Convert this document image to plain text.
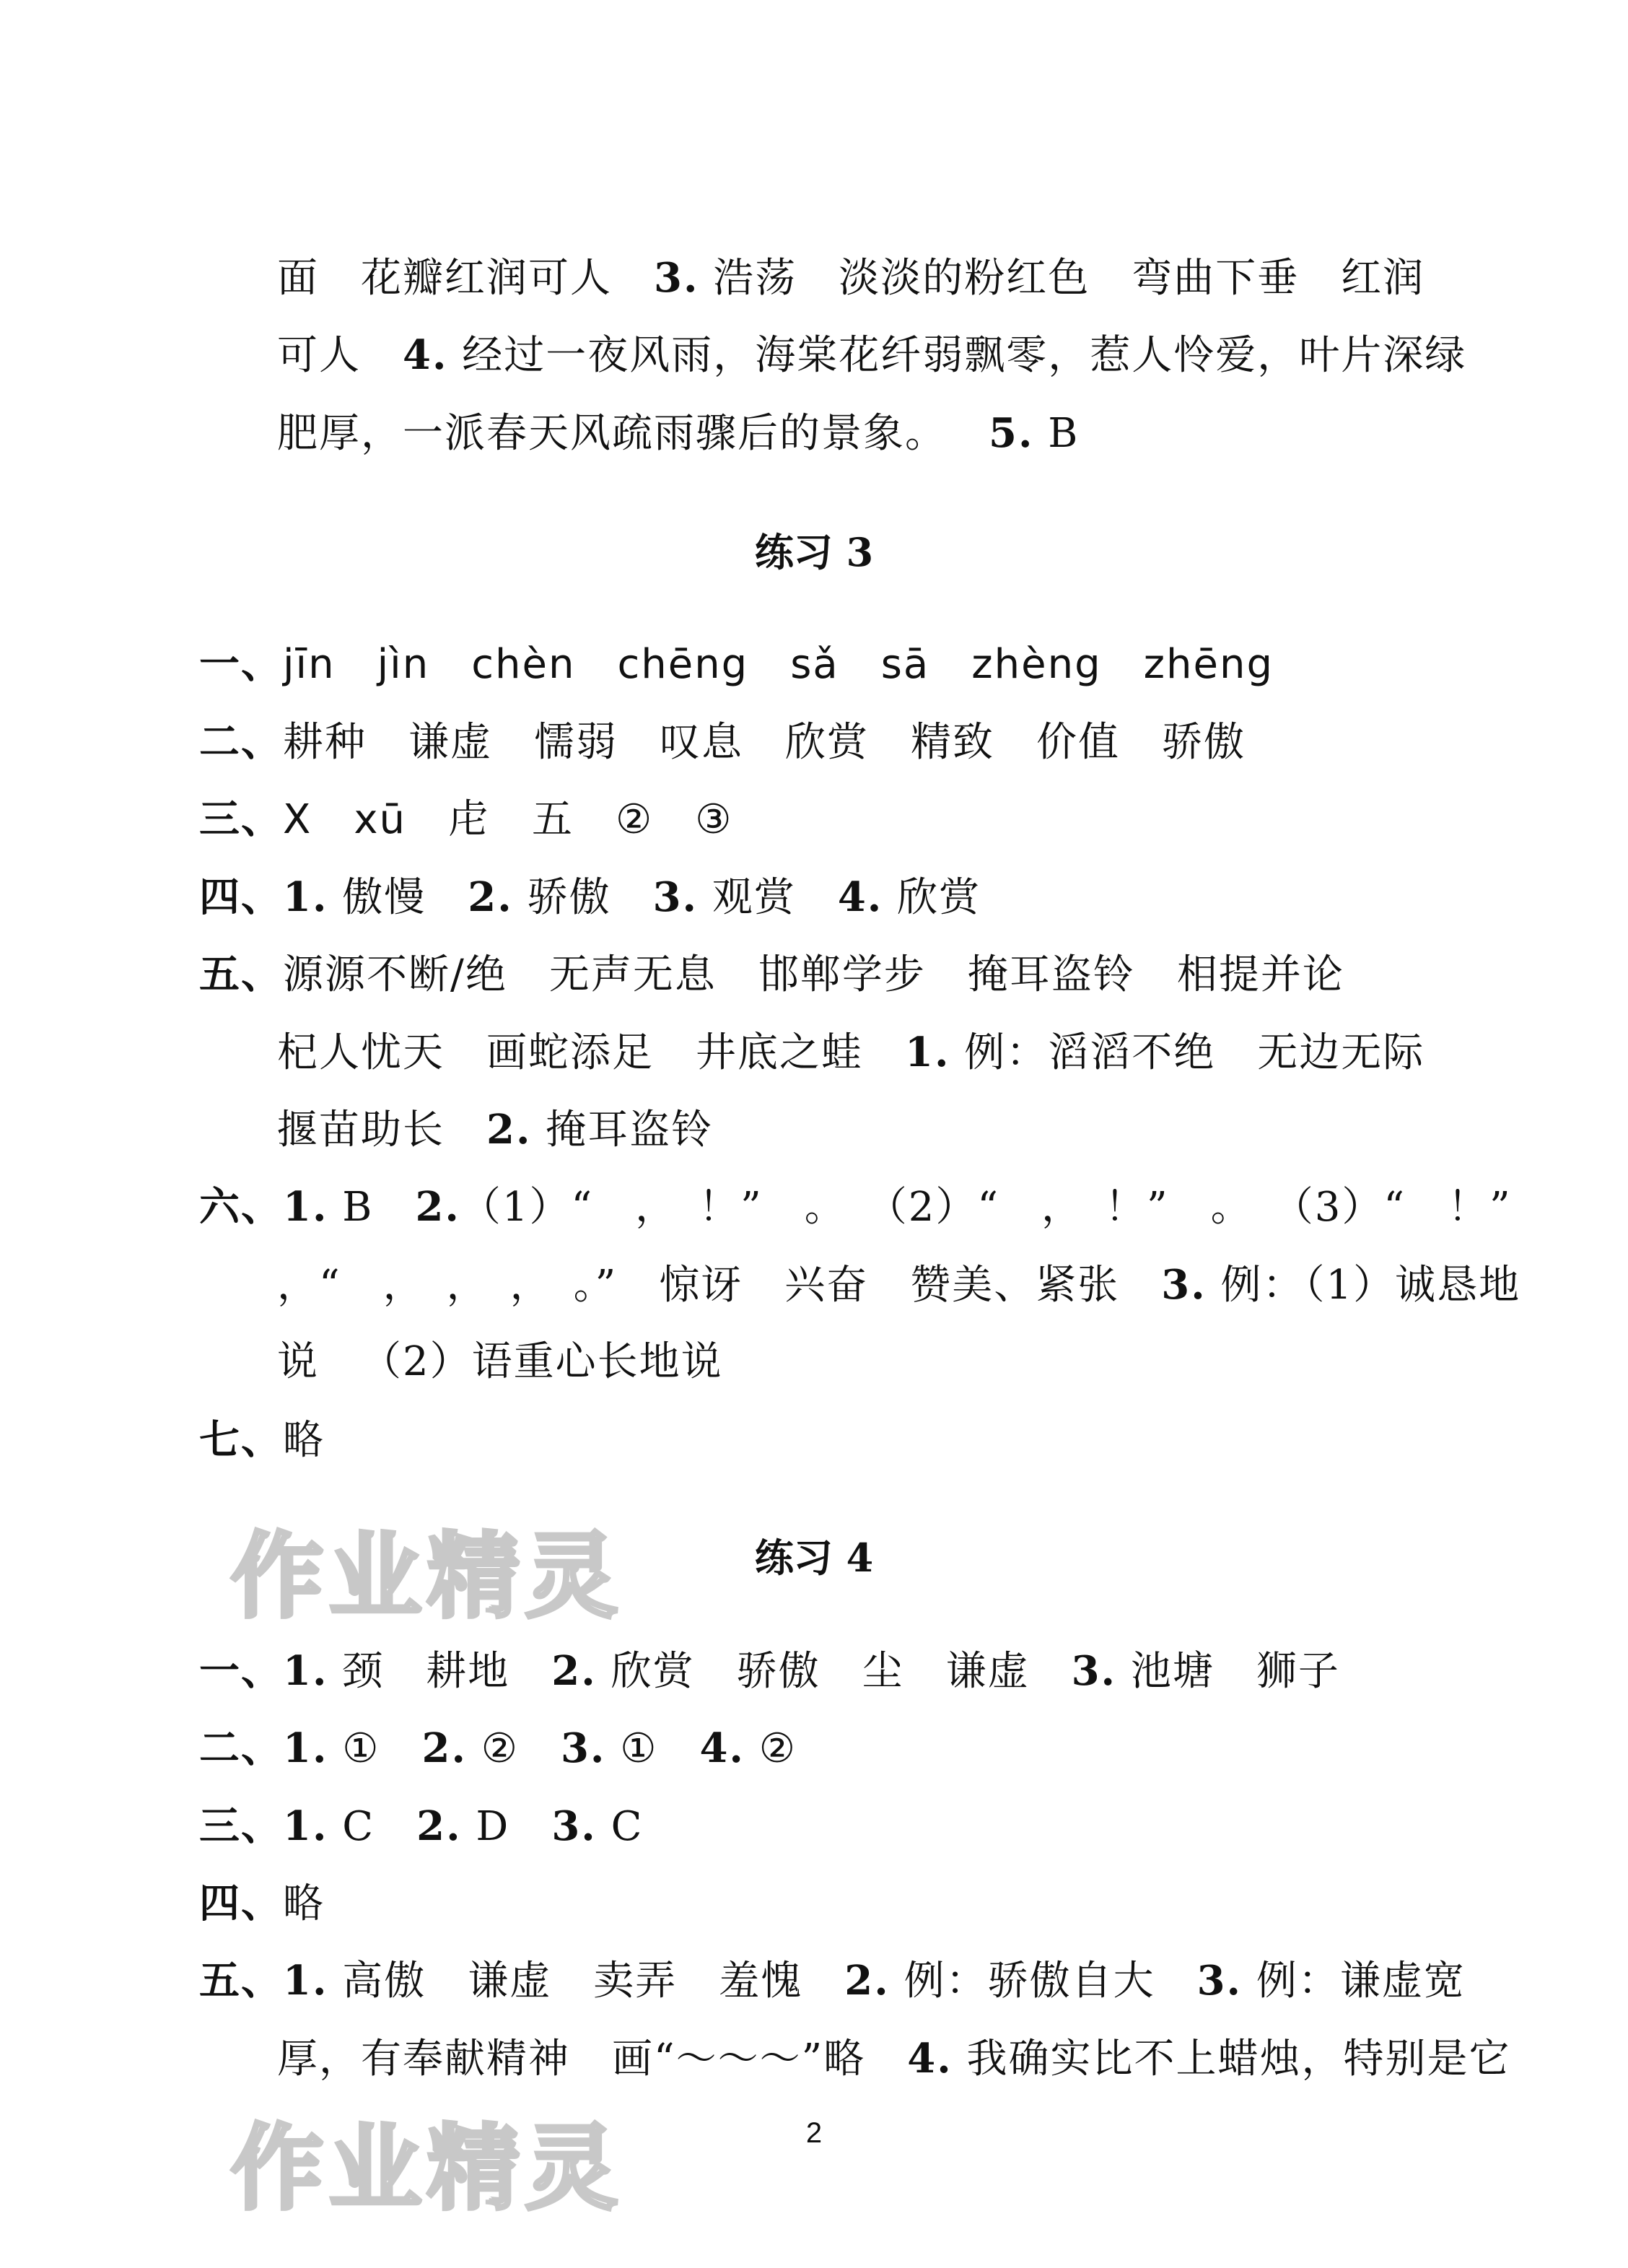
面 花瓣红润可人 3. 浩荡 淡淡的粉红色 弯曲下垂 红润
可人 4. 经过一夜风雨，海棠花纤弱飘零，惹人怜爱，叶片深绿
肥厚，一派春天风疏雨骤后的景象。 5. B
练习 3
一、jīn jìn chèn chēng sǎ sā zhèng zhēng
二、耕种 谦虚 懦弱 叹息 欣赏 精致 价值 骄傲
三、X xū 虍 五 ② ③
四、1. 傲慢 2. 骄傲 3. 观赏 4. 欣赏
五、源源不断/绝 无声无息 邯郸学步 掩耳盗铃 相提并论
杞人忧天 画蛇添足 井底之蛙 1. 例：滔滔不绝 无边无际
揠苗助长 2. 掩耳盗铃
六、1. B 2.（1）“　，　！”　。 （2）“　，　！”　。 （3）“　！”
，“　，　，　，　。” 惊讶 兴奋 赞美、紧张 3. 例：（1）诚恳地
说 （2）语重心长地说
七、略
作业精灵	练习 4
一、1. 颈 耕地 2. 欣赏 骄傲 尘 谦虚 3. 池塘 狮子
二、1. ① 2. ② 3. ① 4. ②
三、1. C 2. D 3. C
四、略
五、1. 高傲 谦虚 卖弄 羞愧 2. 例：骄傲自大 3. 例：谦虚宽
厚，有奉献精神 画“～～～”略 4. 我确实比不上蜡烛，特别是它
2
作业精灵
